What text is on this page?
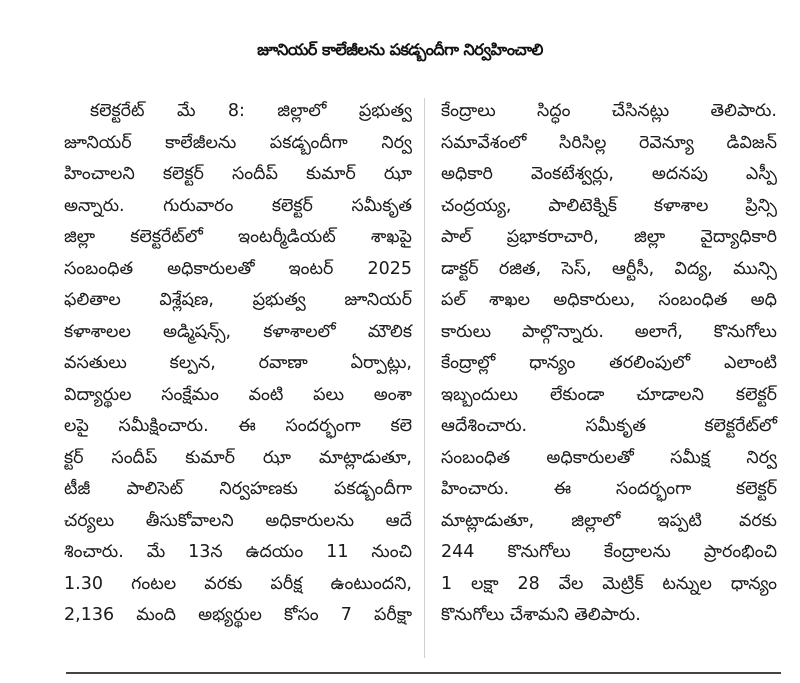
జూనియర్ కాలేజీలను పకడ్బందీగా నిర్వహించాలి
కలెక్టరేట్ మే 8: జిల్లాలో ప్రభుత్వ
జూనియర్ కాలేజీలను పకడ్బందీగా నిర్వ
హించాలని కలెక్టర్ సందీప్ కుమార్ ఝా
అన్నారు. గురువారం కలెక్టర్ సమీకృత
జిల్లా కలెక్టరేట్‌లో ఇంటర్మీడియట్ శాఖపై
సంబంధిత అధికారులతో ఇంటర్ 2025
ఫలితాల విశ్లేషణ, ప్రభుత్వ జూనియర్
కళాశాలల అడ్మిషన్స్, కళాశాలలో మౌలిక
వసతులు కల్పన, రవాణా ఏర్పాట్లు,
విద్యార్థుల సంక్షేమం వంటి పలు అంశా
లపై సమీక్షించారు. ఈ సందర్భంగా కలె
క్టర్ సందీప్ కుమార్ ఝా మాట్లాడుతూ,
టీజీ పాలిసెట్ నిర్వహణకు పకడ్బందీగా
చర్యలు తీసుకోవాలని అధికారులను ఆదే
శించారు. మే 13న ఉదయం 11 నుంచి
1.30 గంటల వరకు పరీక్ష ఉంటుందని,
2,136 మంది అభ్యర్థుల కోసం 7 పరీక్షా
కేంద్రాలు సిద్ధం చేసినట్లు తెలిపారు.
సమావేశంలో సిరిసిల్ల రెవెన్యూ డివిజన్
అధికారి వెంకటేశ్వర్లు, అదనపు ఎస్పీ
చంద్రయ్య, పాలిటెక్నిక్ కళాశాల ప్రిన్సి
పాల్ ప్రభాకరాచారి, జిల్లా వైద్యాధికారి
డాక్టర్ రజిత, సెస్, ఆర్టీసీ, విద్య, మున్సి
పల్ శాఖల అధికారులు, సంబంధిత అధి
కారులు పాల్గొన్నారు. అలాగే, కొనుగోలు
కేంద్రాల్లో ధాన్యం తరలింపులో ఎలాంటి
ఇబ్బందులు లేకుండా చూడాలని కలెక్టర్
ఆదేశించారు. సమీకృత కలెక్టరేట్‌లో
సంబంధిత అధికారులతో సమీక్ష నిర్వ
హించారు. ఈ సందర్భంగా కలెక్టర్
మాట్లాడుతూ, జిల్లాలో ఇప్పటి వరకు
244 కొనుగోలు కేంద్రాలను ప్రారంభించి
1 లక్షా 28 వేల మెట్రిక్ టన్నుల ధాన్యం
కొనుగోలు చేశామని తెలిపారు.
